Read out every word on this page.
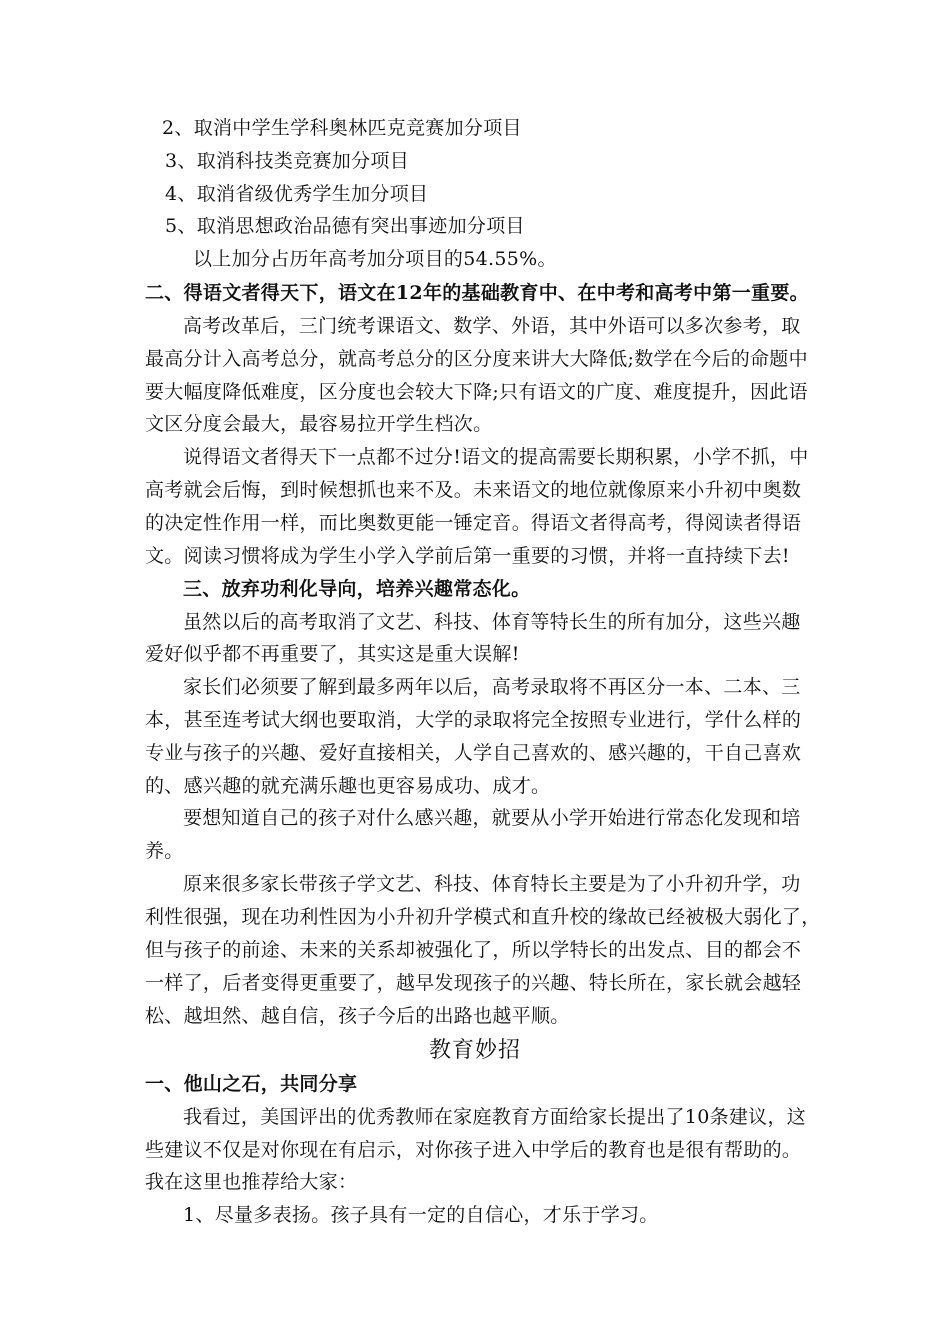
2、取消中学生学科奥林匹克竞赛加分项目
3、取消科技类竞赛加分项目
4、取消省级优秀学生加分项目
5、取消思想政治品德有突出事迹加分项目
以上加分占历年高考加分项目的54.55%。
二、得语文者得天下，语文在12年的基础教育中、在中考和高考中第一重要。
高考改革后，三门统考课语文、数学、外语，其中外语可以多次参考，取
最高分计入高考总分，就高考总分的区分度来讲大大降低;数学在今后的命题中
要大幅度降低难度，区分度也会较大下降;只有语文的广度、难度提升，因此语
文区分度会最大，最容易拉开学生档次。
说得语文者得天下一点都不过分!语文的提高需要长期积累，小学不抓，中
高考就会后悔，到时候想抓也来不及。未来语文的地位就像原来小升初中奥数
的决定性作用一样，而比奥数更能一锤定音。得语文者得高考，得阅读者得语
文。阅读习惯将成为学生小学入学前后第一重要的习惯，并将一直持续下去!
三、放弃功利化导向，培养兴趣常态化。
虽然以后的高考取消了文艺、科技、体育等特长生的所有加分，这些兴趣
爱好似乎都不再重要了，其实这是重大误解!
家长们必须要了解到最多两年以后，高考录取将不再区分一本、二本、三
本，甚至连考试大纲也要取消，大学的录取将完全按照专业进行，学什么样的
专业与孩子的兴趣、爱好直接相关，人学自己喜欢的、感兴趣的，干自己喜欢
的、感兴趣的就充满乐趣也更容易成功、成才。
要想知道自己的孩子对什么感兴趣，就要从小学开始进行常态化发现和培
养。
原来很多家长带孩子学文艺、科技、体育特长主要是为了小升初升学，功
利性很强，现在功利性因为小升初升学模式和直升校的缘故已经被极大弱化了，
但与孩子的前途、未来的关系却被强化了，所以学特长的出发点、目的都会不
一样了，后者变得更重要了，越早发现孩子的兴趣、特长所在，家长就会越轻
松、越坦然、越自信，孩子今后的出路也越平顺。
教育妙招
一、他山之石，共同分享
我看过，美国评出的优秀教师在家庭教育方面给家长提出了10条建议，这
些建议不仅是对你现在有启示，对你孩子进入中学后的教育也是很有帮助的。
我在这里也推荐给大家：
1、尽量多表扬。孩子具有一定的自信心，才乐于学习。
